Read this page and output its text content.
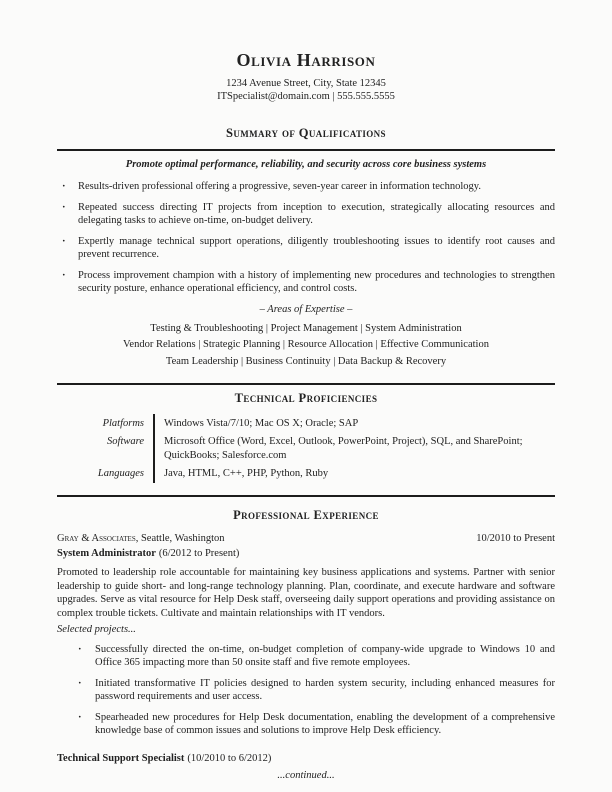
Olivia Harrison
1234 Avenue Street, City, State 12345
ITSpecialist@domain.com | 555.555.5555
Summary of Qualifications
Promote optimal performance, reliability, and security across core business systems
·	Results-driven professional offering a progressive, seven-year career in information technology.
·	Repeated success directing IT projects from inception to execution, strategically allocating resources and delegating tasks to achieve on-time, on-budget delivery.
·	Expertly manage technical support operations, diligently troubleshooting issues to identify root causes and prevent recurrence.
·	Process improvement champion with a history of implementing new procedures and technologies to strengthen security posture, enhance operational efficiency, and control costs.
– Areas of Expertise –
Testing & Troubleshooting | Project Management | System Administration
Vendor Relations | Strategic Planning | Resource Allocation | Effective Communication
Team Leadership | Business Continuity | Data Backup & Recovery
Technical Proficiencies
Platforms	Windows Vista/7/10; Mac OS X; Oracle; SAP
Software	Microsoft Office (Word, Excel, Outlook, PowerPoint, Project), SQL, and SharePoint; QuickBooks; Salesforce.com
Languages	Java, HTML, C++, PHP, Python, Ruby
Professional Experience
Gray & Associates, Seattle, Washington	10/2010 to Present
System Administrator (6/2012 to Present)
Promoted to leadership role accountable for maintaining key business applications and systems. Partner with senior leadership to guide short- and long-range technology planning. Plan, coordinate, and execute hardware and software upgrades. Serve as vital resource for Help Desk staff, overseeing daily support operations and providing assistance on complex trouble tickets. Cultivate and maintain relationships with IT vendors.
Selected projects...
·	Successfully directed the on-time, on-budget completion of company-wide upgrade to Windows 10 and Office 365 impacting more than 50 onsite staff and five remote employees.
·	Initiated transformative IT policies designed to harden system security, including enhanced measures for password requirements and user access.
·	Spearheaded new procedures for Help Desk documentation, enabling the development of a comprehensive knowledge base of common issues and solutions to improve Help Desk efficiency.
Technical Support Specialist (10/2010 to 6/2012)
...continued...
